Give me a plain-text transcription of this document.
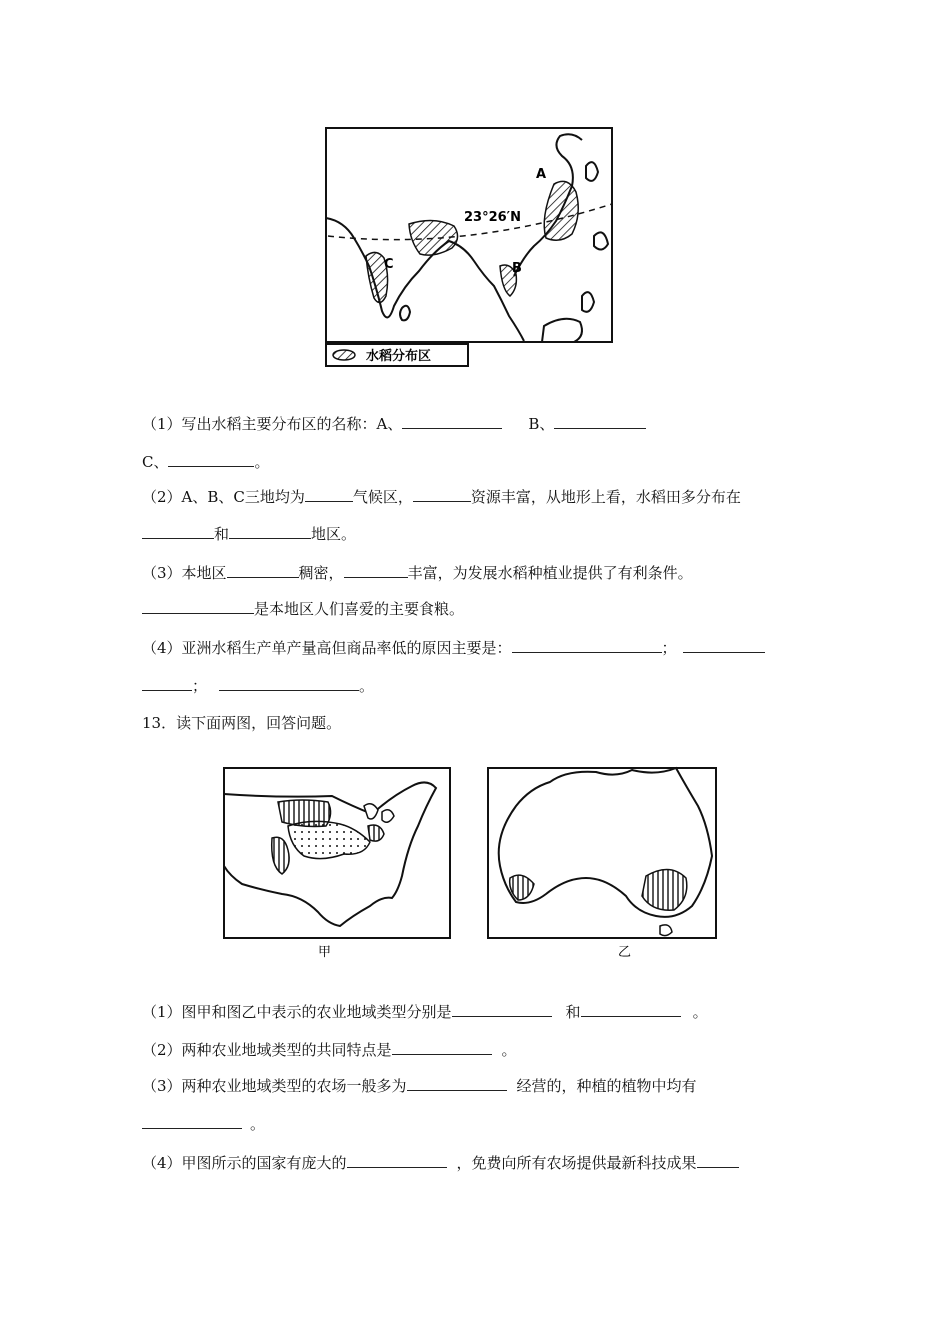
A
B
C
23°26′N
水稻分布区
（1）写出水稻主要分布区的名称：A、	B、
C、	。
（2）A、B、C三地均为	气候区，	资源丰富，从地形上看，水稻田多分布在
和	地区。
（3）本地区	稠密，	丰富，为发展水稻种植业提供了有利条件。
是本地区人们喜爱的主要食粮。
（4）亚洲水稻生产单产量高但商品率低的原因主要是：	；
；	。
13．读下面两图，回答问题。
甲	乙
（1）图甲和图乙中表示的农业地域类型分别是	和	。
（2）两种农业地域类型的共同特点是	。
（3）两种农业地域类型的农场一般多为	经营的，种植的植物中均有
。
（4）甲图所示的国家有庞大的	，免费向所有农场提供最新科技成果
